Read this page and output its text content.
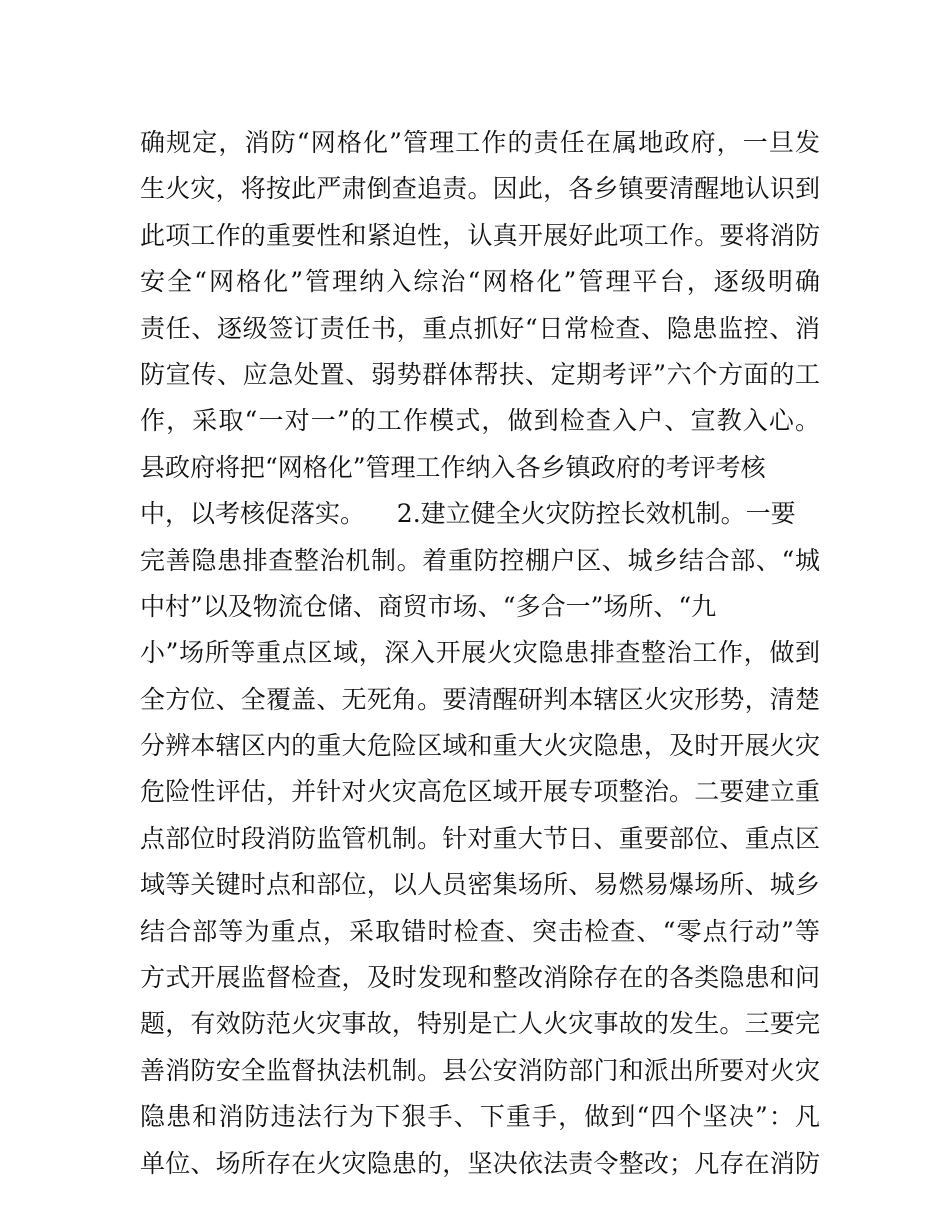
确规定，消防“网格化”管理工作的责任在属地政府，一旦发
生火灾，将按此严肃倒查追责。因此，各乡镇要清醒地认识到
此项工作的重要性和紧迫性，认真开展好此项工作。要将消防
安全“网格化”管理纳入综治“网格化”管理平台，逐级明确
责任、逐级签订责任书，重点抓好“日常检查、隐患监控、消
防宣传、应急处置、弱势群体帮扶、定期考评”六个方面的工
作，采取“一对一”的工作模式，做到检查入户、宣教入心。
县政府将把“网格化”管理工作纳入各乡镇政府的考评考核
中，以考核促落实。    2.建立健全火灾防控长效机制。一要
完善隐患排查整治机制。着重防控棚户区、城乡结合部、“城
中村”以及物流仓储、商贸市场、“多合一”场所、“九
小”场所等重点区域，深入开展火灾隐患排查整治工作，做到
全方位、全覆盖、无死角。要清醒研判本辖区火灾形势，清楚
分辨本辖区内的重大危险区域和重大火灾隐患，及时开展火灾
危险性评估，并针对火灾高危区域开展专项整治。二要建立重
点部位时段消防监管机制。针对重大节日、重要部位、重点区
域等关键时点和部位，以人员密集场所、易燃易爆场所、城乡
结合部等为重点，采取错时检查、突击检查、“零点行动”等
方式开展监督检查，及时发现和整改消除存在的各类隐患和问
题，有效防范火灾事故，特别是亡人火灾事故的发生。三要完
善消防安全监督执法机制。县公安消防部门和派出所要对火灾
隐患和消防违法行为下狠手、下重手，做到“四个坚决”：凡
单位、场所存在火灾隐患的，坚决依法责令整改；凡存在消防
